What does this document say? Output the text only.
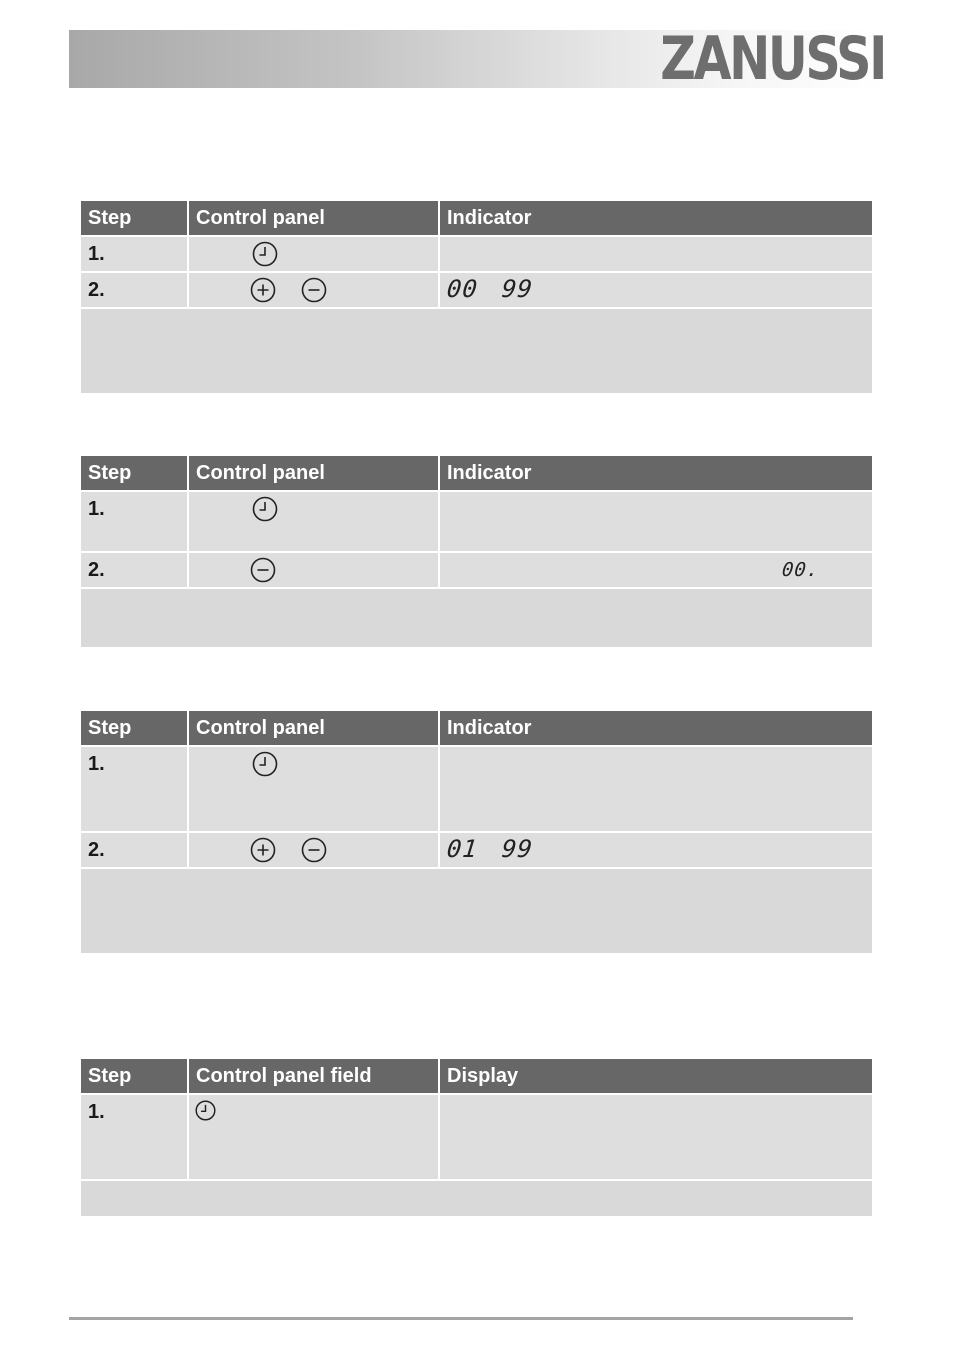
ZANUSSI
Step	Control panel	Indicator

1.

2.		00 99

Step	Control panel	Indicator

1.

2.		00.

Step	Control panel	Indicator

1.

2.		01 99

Step	Control panel field	Display

1.
